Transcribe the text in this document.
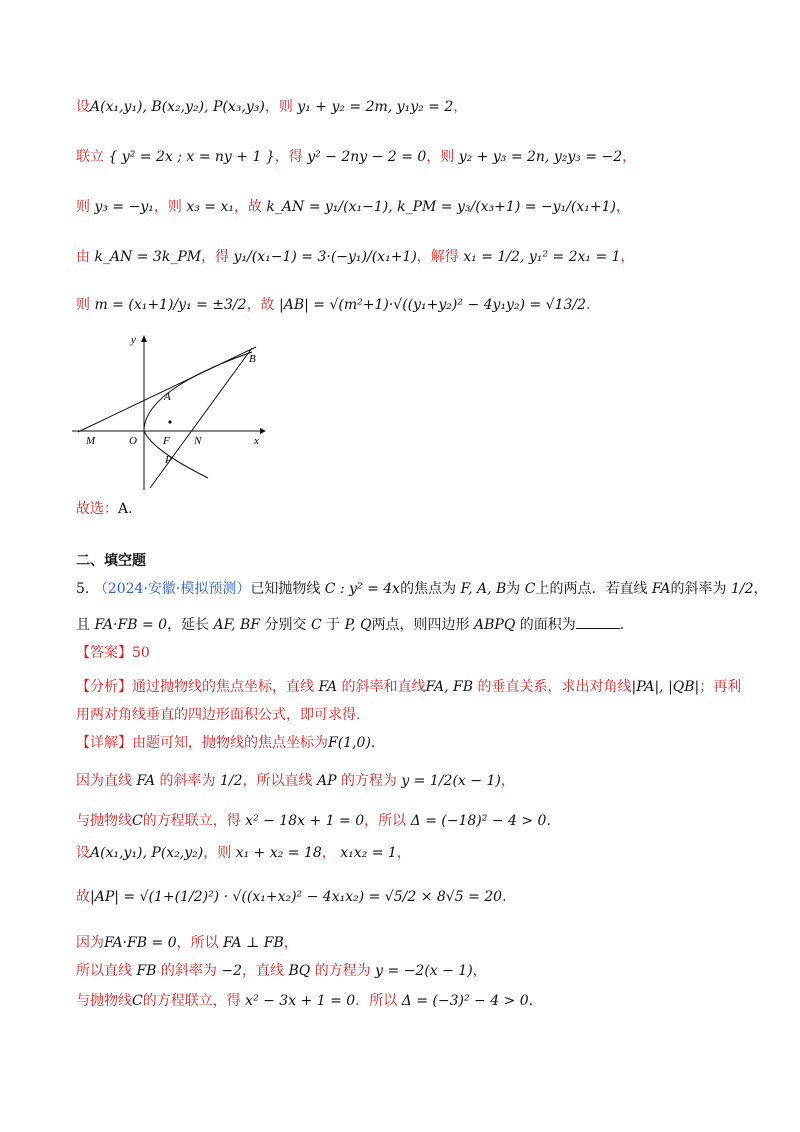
设A(x₁,y₁), B(x₂,y₂), P(x₃,y₃)，则 y₁ + y₂ = 2m, y₁y₂ = 2，
联立 { y² = 2x ; x = ny + 1 }，得 y² − 2ny − 2 = 0，则 y₂ + y₃ = 2n, y₂y₃ = −2，
则 y₃ = −y₁，则 x₃ = x₁，故 k_AN = y₁/(x₁−1), k_PM = y₃/(x₃+1) = −y₁/(x₁+1)，
由 k_AN = 3k_PM，得 y₁/(x₁−1) = 3·(−y₁)/(x₁+1)，解得 x₁ = 1/2, y₁² = 2x₁ = 1，
则 m = (x₁+1)/y₁ = ±3/2，故 |AB| = √(m²+1)·√((y₁+y₂)² − 4y₁y₂) = √13/2.
y
B
A
M	O F N	x
P
故选：A.
二、填空题
5. （2024·安徽·模拟预测）已知抛物线 C : y² = 4x的焦点为 F, A, B为 C上的两点．若直线 FA的斜率为 1/2，
且 FA·FB = 0，延长 AF, BF 分别交 C 于 P, Q两点，则四边形 ABPQ 的面积为	.
【答案】50
【分析】通过抛物线的焦点坐标，直线 FA 的斜率和直线FA, FB 的垂直关系，求出对角线|PA|, |QB|；再利
用两对角线垂直的四边形面积公式，即可求得.
【详解】由题可知，抛物线的焦点坐标为F(1,0).
因为直线 FA 的斜率为 1/2，所以直线 AP 的方程为 y = 1/2(x − 1)，
与抛物线C的方程联立，得 x² − 18x + 1 = 0，所以 Δ = (−18)² − 4 > 0.
设A(x₁,y₁), P(x₂,y₂)，则 x₁ + x₂ = 18， x₁x₂ = 1，
故|AP| = √(1+(1/2)²) · √((x₁+x₂)² − 4x₁x₂) = √5/2 × 8√5 = 20.
因为FA·FB = 0，所以 FA ⊥ FB，
所以直线 FB 的斜率为 −2，直线 BQ 的方程为 y = −2(x − 1)，
与抛物线C的方程联立，得 x² − 3x + 1 = 0．所以 Δ = (−3)² − 4 > 0.
